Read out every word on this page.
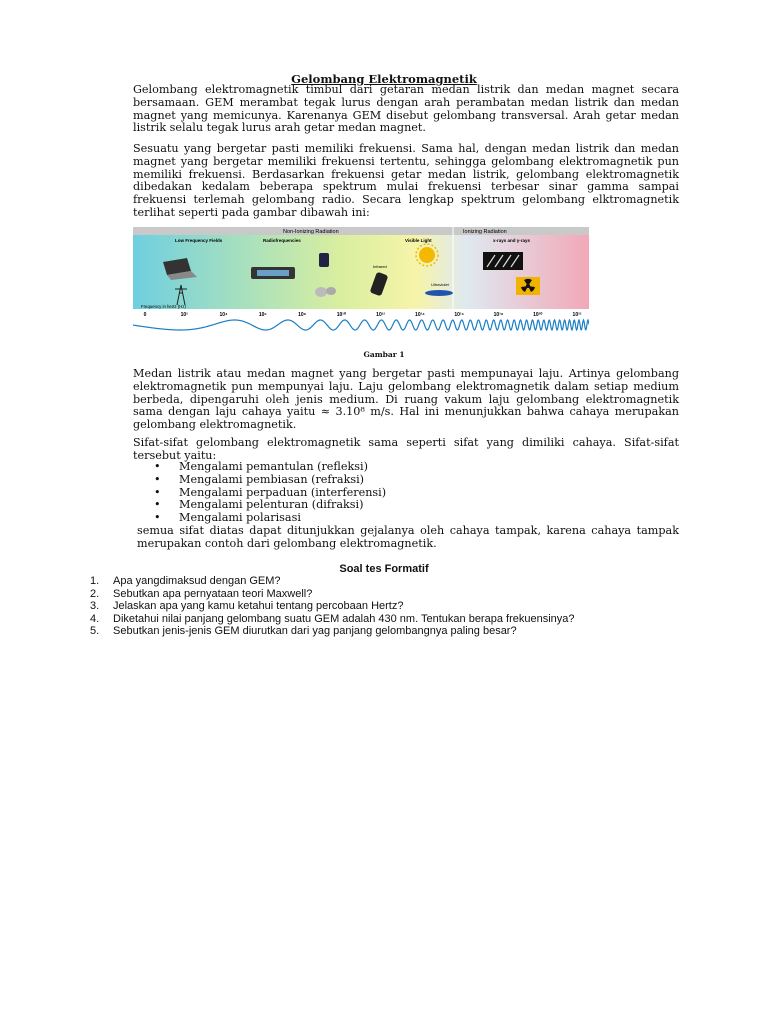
Gelombang Elektromagnetik
Gelombang elektromagnetik timbul dari getaran medan listrik dan medan magnet secara bersamaan. GEM merambat tegak lurus dengan arah perambatan medan listrik dan medan magnet yang memicunya. Karenanya GEM disebut gelombang transversal. Arah getar medan listrik selalu tegak lurus arah getar medan magnet.
Sesuatu yang bergetar pasti memiliki frekuensi. Sama hal, dengan medan listrik dan medan magnet yang bergetar memiliki frekuensi tertentu, sehingga gelombang elektromagnetik pun memiliki frekuensi. Berdasarkan frekuensi getar medan listrik, gelombang elektromagnetik dibedakan kedalam beberapa spektrum mulai frekuensi terbesar sinar gamma sampai frekuensi terlemah gelombang radio. Secara lengkap spektrum gelombang elktromagnetik terlihat seperti pada gambar dibawah ini:
Non-Ionizing Radiation	Ionizing Radiation
Low Frequency Fields	Radiofrequencies	Visible Light	x-rays and γ-rays
Infrared
Ultraviolet
Frequency in hertz (Hz)
0	10²	10⁴	10⁶	10⁸	10¹⁰	10¹²	10¹⁴	10¹⁶	10¹⁸	10²⁰	10²²
Gambar 1
Medan listrik atau medan magnet yang bergetar pasti mempunayai laju. Artinya gelombang elektromagnetik pun mempunyai laju. Laju gelombang elektromagnetik dalam setiap medium berbeda, dipengaruhi oleh jenis medium. Di ruang vakum laju gelombang elektromagnetik sama dengan laju cahaya yaitu ≈ 3.10⁸ m/s. Hal ini menunjukkan bahwa cahaya merupakan gelombang elektromagnetik.
Sifat-sifat gelombang elektromagnetik sama seperti sifat yang dimiliki cahaya. Sifat-sifat tersebut yaitu:
• Mengalami pemantulan (refleksi)
• Mengalami pembiasan (refraksi)
• Mengalami perpaduan (interferensi)
• Mengalami pelenturan (difraksi)
• Mengalami polarisasi
semua sifat diatas dapat ditunjukkan gejalanya oleh cahaya tampak, karena cahaya tampak merupakan contoh dari gelombang elektromagnetik.
Soal tes Formatif
1. Apa yangdimaksud dengan GEM?
2. Sebutkan apa pernyataan teori Maxwell?
3. Jelaskan apa yang kamu ketahui tentang percobaan Hertz?
4. Diketahui nilai panjang gelombang suatu GEM adalah 430 nm. Tentukan berapa frekuensinya?
5. Sebutkan jenis-jenis GEM diurutkan dari yag panjang gelombangnya paling besar?
